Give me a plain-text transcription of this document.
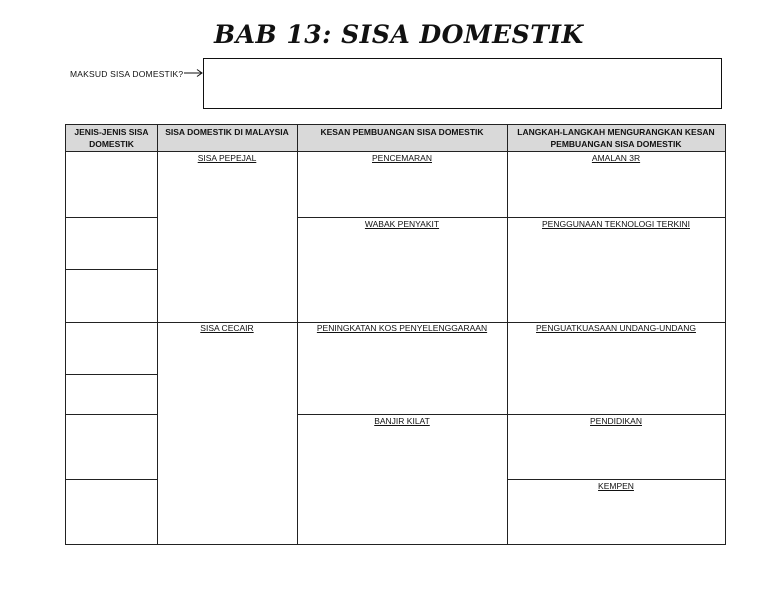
BAB 13: SISA DOMESTIK
MAKSUD SISA DOMESTIK?
JENIS-JENIS SISA DOMESTIK
SISA DOMESTIK DI MALAYSIA	KESAN PEMBUANGAN SISA DOMESTIK	LANGKAH-LANGKAH MENGURANGKAN KESAN PEMBUANGAN SISA DOMESTIK
SISA PEPEJAL
SISA CECAIR
PENCEMARAN
WABAK PENYAKIT
PENINGKATAN KOS PENYELENGGARAAN
BANJIR KILAT
AMALAN 3R
PENGGUNAAN TEKNOLOGI TERKINI
PENGUATKUASAAN UNDANG-UNDANG
PENDIDIKAN
KEMPEN
